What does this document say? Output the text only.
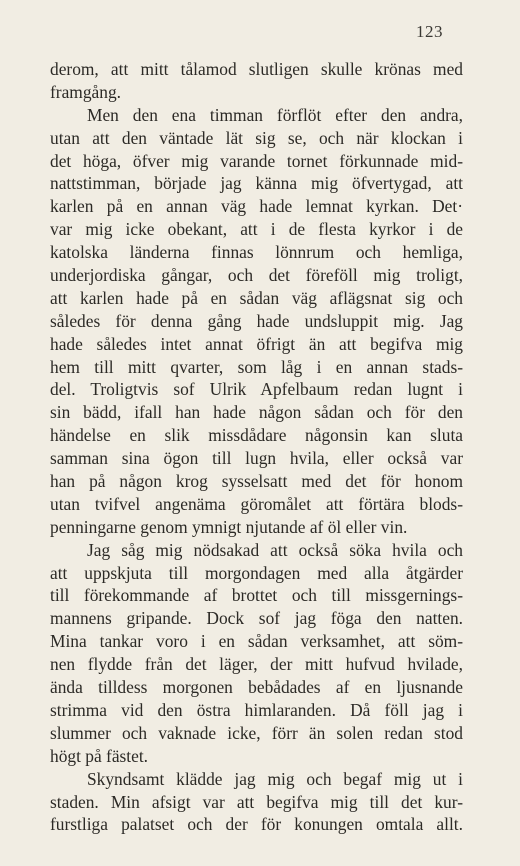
123
derom, att mitt tålamod slutligen skulle krönas med
framgång.
Men den ena timman förflöt efter den andra,
utan att den väntade lät sig se, och när klockan i
det höga, öfver mig varande tornet förkunnade mid-
nattstimman, började jag känna mig öfvertygad, att
karlen på en annan väg hade lemnat kyrkan. Det·
var mig icke obekant, att i de flesta kyrkor i de
katolska länderna finnas lönnrum och hemliga,
underjordiska gångar, och det föreföll mig troligt,
att karlen hade på en sådan väg aflägsnat sig och
således för denna gång hade undsluppit mig. Jag
hade således intet annat öfrigt än att begifva mig
hem till mitt qvarter, som låg i en annan stads-
del. Troligtvis sof Ulrik Apfelbaum redan lugnt i
sin bädd, ifall han hade någon sådan och för den
händelse en slik missdådare någonsin kan sluta
samman sina ögon till lugn hvila, eller också var
han på någon krog sysselsatt med det för honom
utan tvifvel angenäma göromålet att förtära blods-
penningarne genom ymnigt njutande af öl eller vin.
Jag såg mig nödsakad att också söka hvila och
att uppskjuta till morgondagen med alla åtgärder
till förekommande af brottet och till missgernings-
mannens gripande. Dock sof jag föga den natten.
Mina tankar voro i en sådan verksamhet, att söm-
nen flydde från det läger, der mitt hufvud hvilade,
ända tilldess morgonen bebådades af en ljusnande
strimma vid den östra himlaranden. Då föll jag i
slummer och vaknade icke, förr än solen redan stod
högt på fästet.
Skyndsamt klädde jag mig och begaf mig ut i
staden. Min afsigt var att begifva mig till det kur-
furstliga palatset och der för konungen omtala allt.
